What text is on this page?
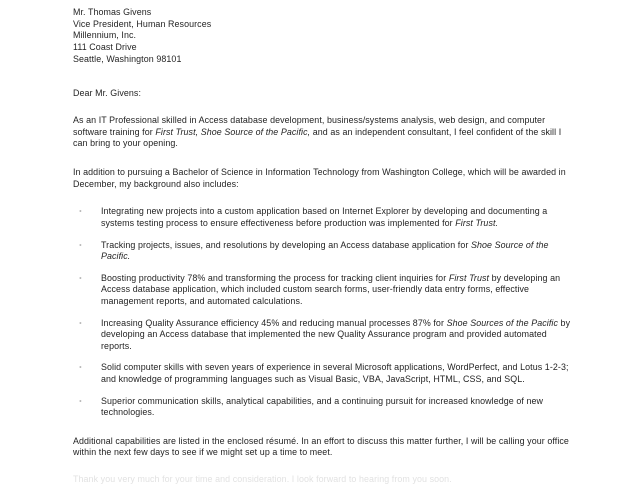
Mr. Thomas Givens
Vice President, Human Resources
Millennium, Inc.
111 Coast Drive
Seattle, Washington 98101
Dear Mr. Givens:

As an IT Professional skilled in Access database development, business/systems analysis, web design, and computer software training for First Trust, Shoe Source of the Pacific, and as an independent consultant, I feel confident of the skill I can bring to your opening.

In addition to pursuing a Bachelor of Science in Information Technology from Washington College, which will be awarded in December, my background also includes:

• Integrating new projects into a custom application based on Internet Explorer by developing and documenting a systems testing process to ensure effectiveness before production was implemented for First Trust.
• Tracking projects, issues, and resolutions by developing an Access database application for Shoe Source of the Pacific.
• Boosting productivity 78% and transforming the process for tracking client inquiries for First Trust by developing an Access database application, which included custom search forms, user-friendly data entry forms, effective management reports, and automated calculations.
• Increasing Quality Assurance efficiency 45% and reducing manual processes 87% for Shoe Sources of the Pacific by developing an Access database that implemented the new Quality Assurance program and provided automated reports.
• Solid computer skills with seven years of experience in several Microsoft applications, WordPerfect, and Lotus 1-2-3; and knowledge of programming languages such as Visual Basic, VBA, JavaScript, HTML, CSS, and SQL.
• Superior communication skills, analytical capabilities, and a continuing pursuit for increased knowledge of new technologies.

Additional capabilities are listed in the enclosed résumé. In an effort to discuss this matter further, I will be calling your office within the next few days to see if we might set up a time to meet.

Thank you very much for your time and consideration. I look forward to hearing from you soon.
